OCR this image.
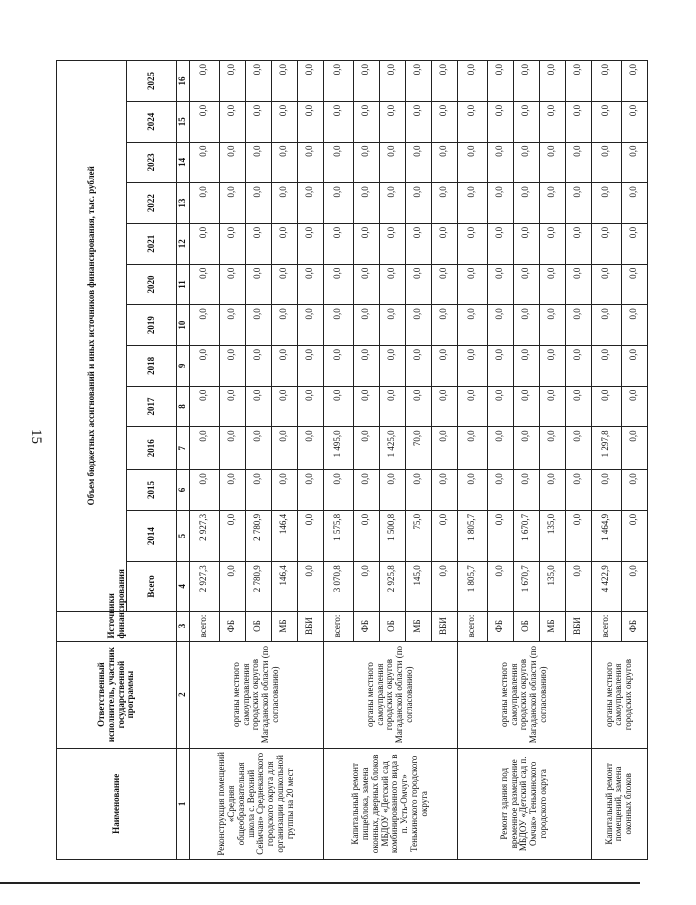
15
Наименование	Ответственный исполнитель, участник государственной программы	Источники финансирования	Объем бюджетных ассигнований и иных источников финансирования, тыс. рублей												
			Всего	2014	2015	2016	2017	2018	2019	2020	2021	2022	2023	2024	2025
1	2	3	4	5	6	7	8	9	10	11	12	13	14	15	16
Реконструкция помещений «Средняя общеобразовательная школа с. Верхний Сеймчан» Среднеканского городского округа для организации дошкольной группы на 20 мест	органы местного самоуправления городских округов Магаданской области (по согласованию)	всего:	2 927,3	2 927,3	0,0	0,0	0,0	0,0	0,0	0,0	0,0	0,0	0,0	0,0	0,0
		ФБ	0,0	0,0	0,0	0,0	0,0	0,0	0,0	0,0	0,0	0,0	0,0	0,0	0,0
		ОБ	2 780,9	2 780,9	0,0	0,0	0,0	0,0	0,0	0,0	0,0	0,0	0,0	0,0	0,0
		МБ	146,4	146,4	0,0	0,0	0,0	0,0	0,0	0,0	0,0	0,0	0,0	0,0	0,0
		ВБИ	0,0	0,0	0,0	0,0	0,0	0,0	0,0	0,0	0,0	0,0	0,0	0,0	0,0
Капитальный ремонт пищеблока, замена оконных, дверных блоков МБДОУ «Детский сад комбинированного вида в п. Усть-Омчуг» Тенькинского городского округа	органы местного самоуправления городских округов Магаданской области (по согласованию)	всего:	3 070,8	1 575,8	0,0	1 495,0	0,0	0,0	0,0	0,0	0,0	0,0	0,0	0,0	0,0
		ФБ	0,0	0,0	0,0	0,0	0,0	0,0	0,0	0,0	0,0	0,0	0,0	0,0	0,0
		ОБ	2 925,8	1 500,8	0,0	1 425,0	0,0	0,0	0,0	0,0	0,0	0,0	0,0	0,0	0,0
		МБ	145,0	75,0	0,0	70,0	0,0	0,0	0,0	0,0	0,0	0,0	0,0	0,0	0,0
		ВБИ	0,0	0,0	0,0	0,0	0,0	0,0	0,0	0,0	0,0	0,0	0,0	0,0	0,0
Ремонт здания под временное размещение МБДОУ «Детский сад п. Омчак» Тенькинского городского округа	органы местного самоуправления городских округов Магаданской области (по согласованию)	всего:	1 805,7	1 805,7	0,0	0,0	0,0	0,0	0,0	0,0	0,0	0,0	0,0	0,0	0,0
		ФБ	0,0	0,0	0,0	0,0	0,0	0,0	0,0	0,0	0,0	0,0	0,0	0,0	0,0
		ОБ	1 670,7	1 670,7	0,0	0,0	0,0	0,0	0,0	0,0	0,0	0,0	0,0	0,0	0,0
		МБ	135,0	135,0	0,0	0,0	0,0	0,0	0,0	0,0	0,0	0,0	0,0	0,0	0,0
		ВБИ	0,0	0,0	0,0	0,0	0,0	0,0	0,0	0,0	0,0	0,0	0,0	0,0	0,0
Капитальный ремонт помещений, замена оконных блоков	органы местного самоуправления городских округов	всего:	4 422,9	1 464,9	0,0	1 297,8	0,0	0,0	0,0	0,0	0,0	0,0	0,0	0,0	0,0
		ФБ	0,0	0,0	0,0	0,0	0,0	0,0	0,0	0,0	0,0	0,0	0,0	0,0	0,0
